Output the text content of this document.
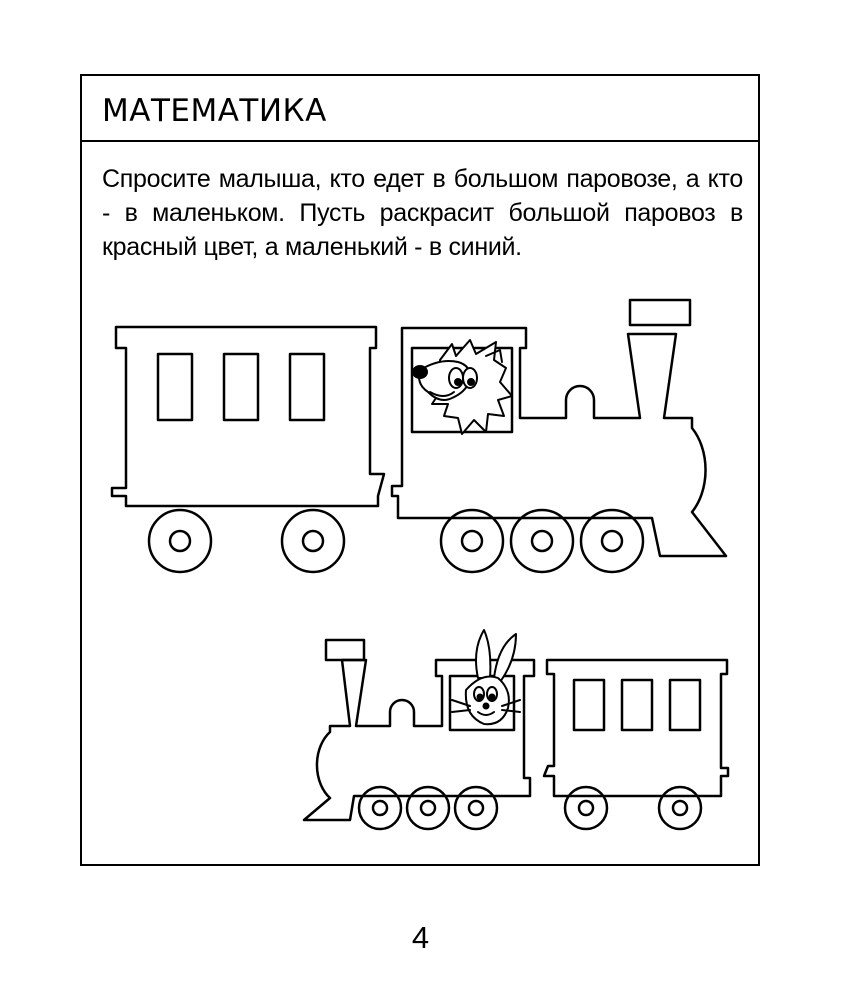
МАТЕМАТИКА

Спросите малыша, кто едет в большом паровозе, а кто - в маленьком. Пусть раскрасит большой паровоз в красный цвет, а маленький - в синий.

4
